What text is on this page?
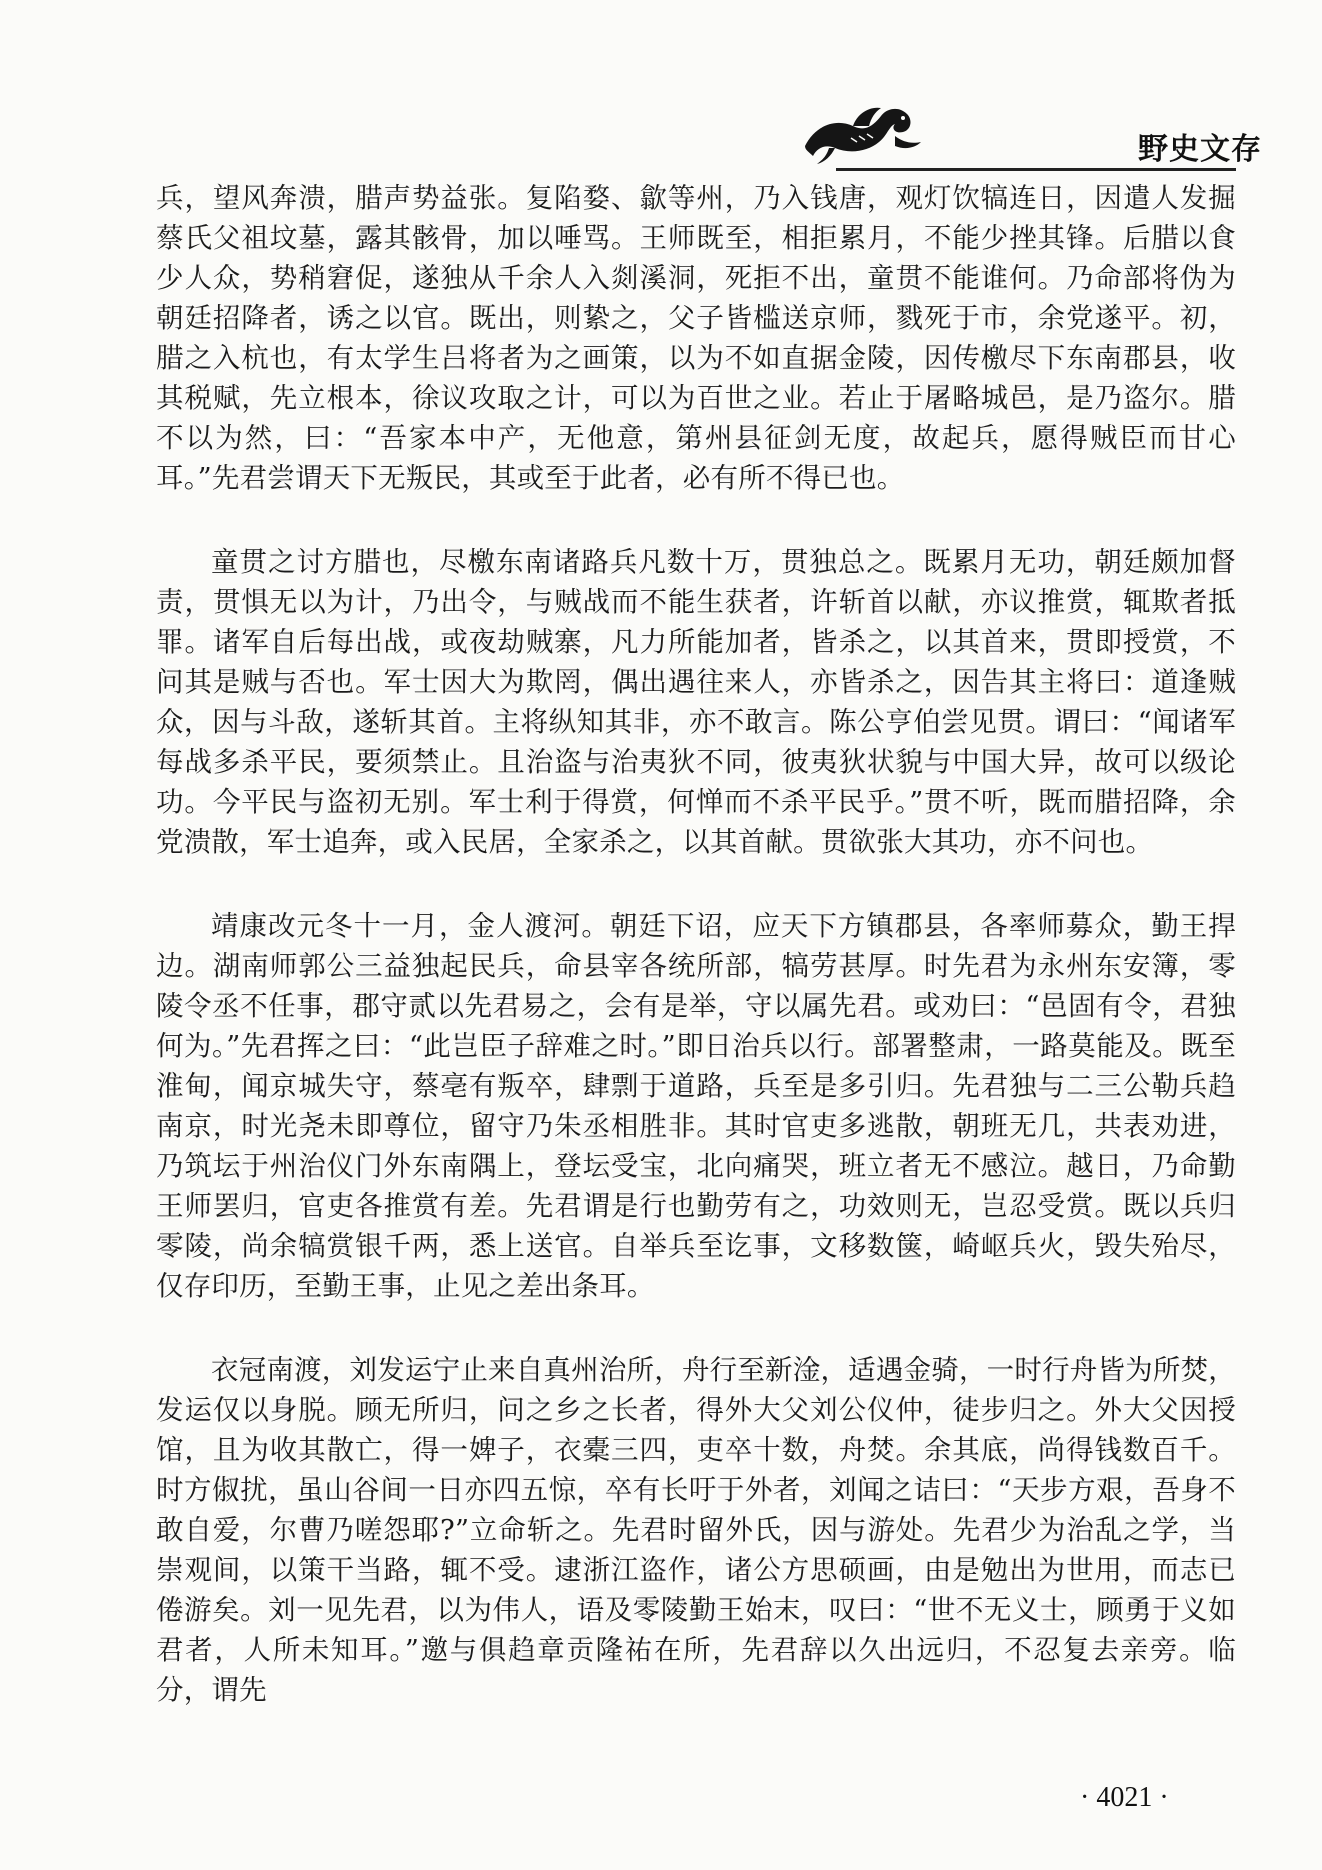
野史文存

兵，望风奔溃，腊声势益张。复陷婺、歙等州，乃入钱唐，观灯饮犒连日，因遣人发掘蔡氏父祖坟墓，露其骸骨，加以唾骂。王师既至，相拒累月，不能少挫其锋。后腊以食少人众，势稍窘促，遂独从千余人入剡溪洞，死拒不出，童贯不能谁何。乃命部将伪为朝廷招降者，诱之以官。既出，则絷之，父子皆槛送京师，戮死于市，余党遂平。初，腊之入杭也，有太学生吕将者为之画策，以为不如直据金陵，因传檄尽下东南郡县，收其税赋，先立根本，徐议攻取之计，可以为百世之业。若止于屠略城邑，是乃盗尔。腊不以为然，曰：“吾家本中产，无他意，第州县征剑无度，故起兵，愿得贼臣而甘心耳。”先君尝谓天下无叛民，其或至于此者，必有所不得已也。

童贯之讨方腊也，尽檄东南诸路兵凡数十万，贯独总之。既累月无功，朝廷颇加督责，贯惧无以为计，乃出令，与贼战而不能生获者，许斩首以献，亦议推赏，辄欺者抵罪。诸军自后每出战，或夜劫贼寨，凡力所能加者，皆杀之，以其首来，贯即授赏，不问其是贼与否也。军士因大为欺罔，偶出遇往来人，亦皆杀之，因告其主将曰：道逢贼众，因与斗敌，遂斩其首。主将纵知其非，亦不敢言。陈公亨伯尝见贯。谓曰：“闻诸军每战多杀平民，要须禁止。且治盗与治夷狄不同，彼夷狄状貌与中国大异，故可以级论功。今平民与盗初无别。军士利于得赏，何惮而不杀平民乎。”贯不听，既而腊招降，余党溃散，军士追奔，或入民居，全家杀之，以其首献。贯欲张大其功，亦不问也。

靖康改元冬十一月，金人渡河。朝廷下诏，应天下方镇郡县，各率师募众，勤王捍边。湖南师郭公三益独起民兵，命县宰各统所部，犒劳甚厚。时先君为永州东安簿，零陵令丞不任事，郡守贰以先君易之，会有是举，守以属先君。或劝曰：“邑固有令，君独何为。”先君挥之曰：“此岂臣子辞难之时。”即日治兵以行。部署整肃，一路莫能及。既至淮甸，闻京城失守，蔡亳有叛卒，肆剽于道路，兵至是多引归。先君独与二三公勒兵趋南京，时光尧未即尊位，留守乃朱丞相胜非。其时官吏多逃散，朝班无几，共表劝进，乃筑坛于州治仪门外东南隅上，登坛受宝，北向痛哭，班立者无不感泣。越日，乃命勤王师罢归，官吏各推赏有差。先君谓是行也勤劳有之，功效则无，岂忍受赏。既以兵归零陵，尚余犒赏银千两，悉上送官。自举兵至讫事，文移数箧，崎岖兵火，毁失殆尽，仅存印历，至勤王事，止见之差出条耳。

衣冠南渡，刘发运宁止来自真州治所，舟行至新淦，适遇金骑，一时行舟皆为所焚，发运仅以身脱。顾无所归，问之乡之长者，得外大父刘公仪仲，徒步归之。外大父因授馆，且为收其散亡，得一婢子，衣橐三四，吏卒十数，舟焚。余其底，尚得钱数百千。时方俶扰，虽山谷间一日亦四五惊，卒有长吁于外者，刘闻之诘曰：“天步方艰，吾身不敢自爱，尔曹乃嗟怨耶?”立命斩之。先君时留外氏，因与游处。先君少为治乱之学，当崇观间，以策干当路，辄不受。逮浙江盗作，诸公方思硕画，由是勉出为世用，而志已倦游矣。刘一见先君，以为伟人，语及零陵勤王始末，叹曰：“世不无义士，顾勇于义如君者，人所未知耳。”邀与俱趋章贡隆祐在所，先君辞以久出远归，不忍复去亲旁。临分，谓先

· 4021 ·
